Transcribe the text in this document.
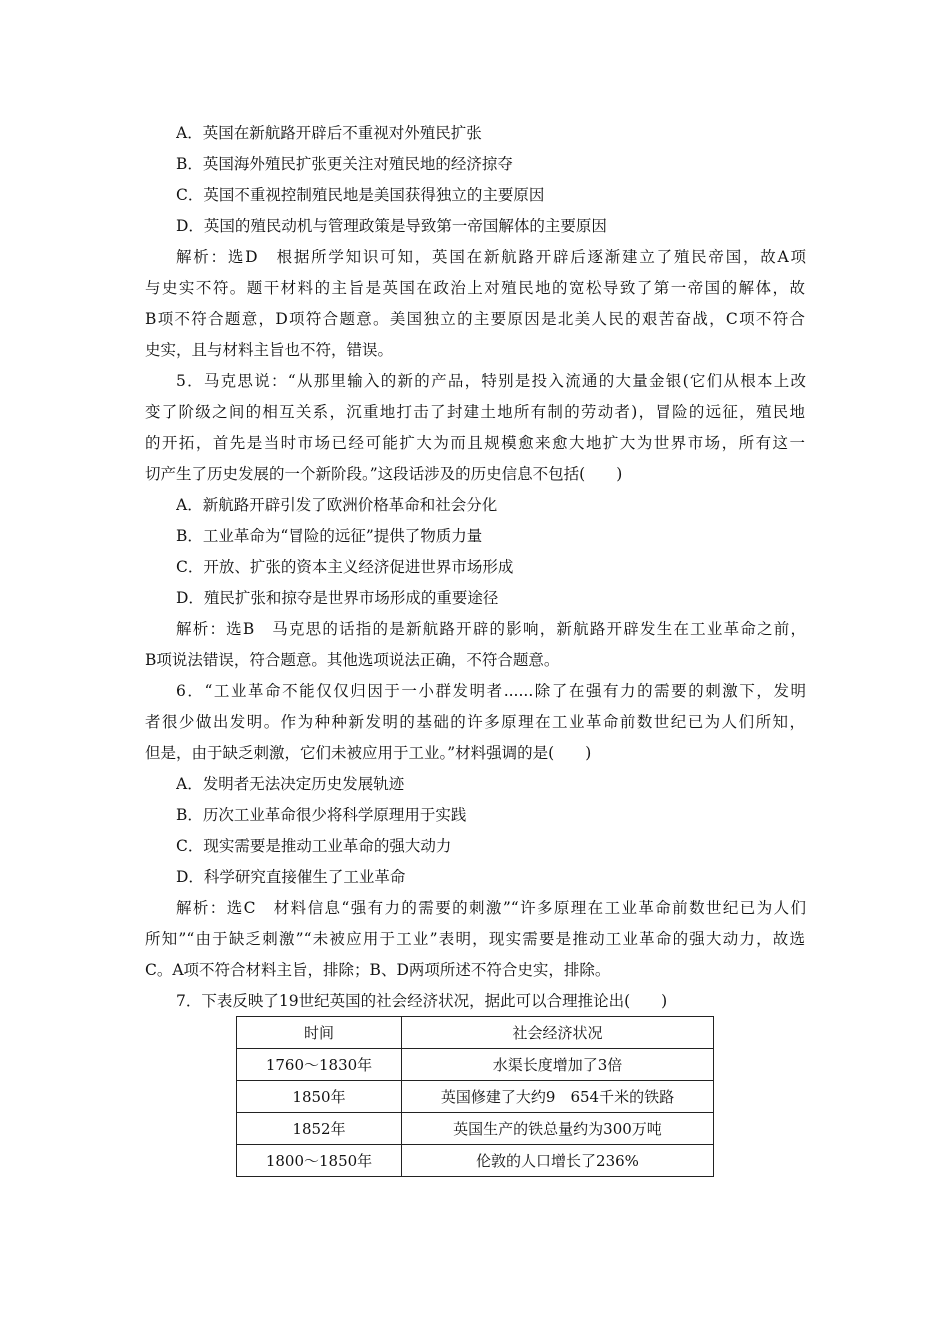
A．英国在新航路开辟后不重视对外殖民扩张
B．英国海外殖民扩张更关注对殖民地的经济掠夺
C．英国不重视控制殖民地是美国获得独立的主要原因
D．英国的殖民动机与管理政策是导致第一帝国解体的主要原因
解析：选D　根据所学知识可知，英国在新航路开辟后逐渐建立了殖民帝国，故A项
与史实不符。题干材料的主旨是英国在政治上对殖民地的宽松导致了第一帝国的解体，故
B项不符合题意，D项符合题意。美国独立的主要原因是北美人民的艰苦奋战，C项不符合
史实，且与材料主旨也不符，错误。
5．马克思说：“从那里输入的新的产品，特别是投入流通的大量金银(它们从根本上改
变了阶级之间的相互关系，沉重地打击了封建土地所有制的劳动者)，冒险的远征，殖民地
的开拓，首先是当时市场已经可能扩大为而且规模愈来愈大地扩大为世界市场，所有这一
切产生了历史发展的一个新阶段。”这段话涉及的历史信息不包括(　　)
A．新航路开辟引发了欧洲价格革命和社会分化
B．工业革命为“冒险的远征”提供了物质力量
C．开放、扩张的资本主义经济促进世界市场形成
D．殖民扩张和掠夺是世界市场形成的重要途径
解析：选B　马克思的话指的是新航路开辟的影响，新航路开辟发生在工业革命之前，
B项说法错误，符合题意。其他选项说法正确，不符合题意。
6．“工业革命不能仅仅归因于一小群发明者......除了在强有力的需要的刺激下，发明
者很少做出发明。作为种种新发明的基础的许多原理在工业革命前数世纪已为人们所知，
但是，由于缺乏刺激，它们未被应用于工业。”材料强调的是(　　)
A．发明者无法决定历史发展轨迹
B．历次工业革命很少将科学原理用于实践
C．现实需要是推动工业革命的强大动力
D．科学研究直接催生了工业革命
解析：选C　材料信息“强有力的需要的刺激”“许多原理在工业革命前数世纪已为人们
所知”“由于缺乏刺激”“未被应用于工业”表明，现实需要是推动工业革命的强大动力，故选
C。A项不符合材料主旨，排除；B、D两项所述不符合史实，排除。
7．下表反映了19世纪英国的社会经济状况，据此可以合理推论出(　　)
时间	社会经济状况
1760～1830年	水渠长度增加了3倍
1850年	英国修建了大约9　654千米的铁路
1852年	英国生产的铁总量约为300万吨
1800～1850年	伦敦的人口增长了236%
